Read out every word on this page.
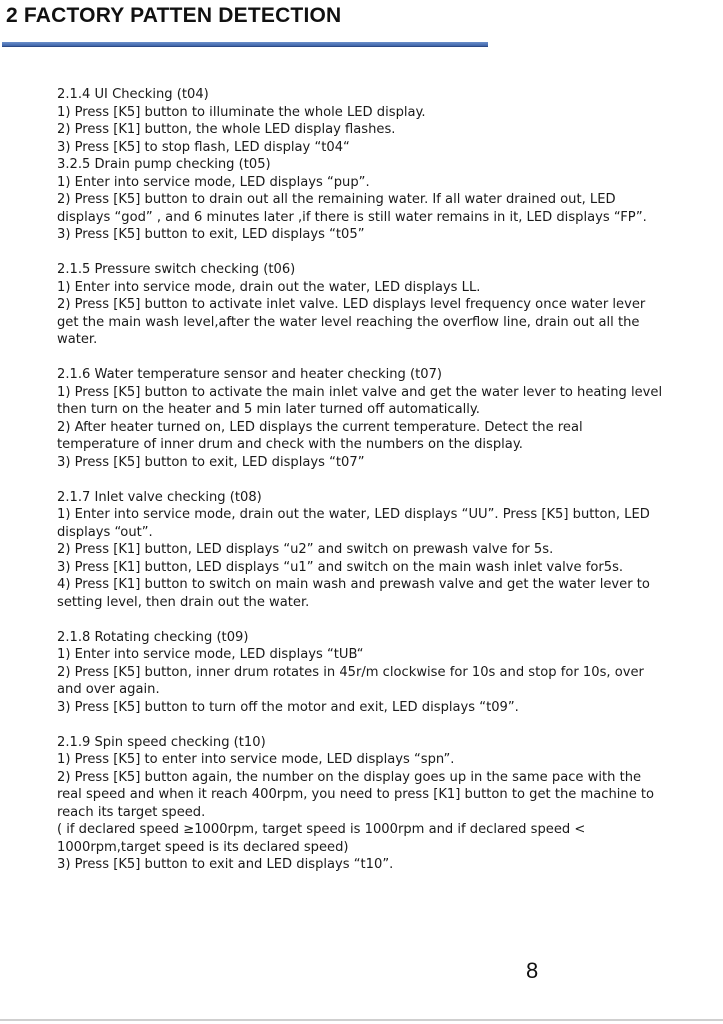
2 FACTORY PATTEN DETECTION
2.1.4 UI Checking (t04)
1) Press [K5] button to illuminate the whole LED display.
2) Press [K1] button, the whole LED display flashes.
3) Press [K5] to stop flash, LED display “t04“
3.2.5 Drain pump checking (t05)
1) Enter into service mode, LED displays “pup”.
2) Press [K5] button to drain out all the remaining water. If all water drained out, LED displays “god” , and 6 minutes later ,if there is still water remains in it, LED displays “FP”.
3) Press [K5] button to exit, LED displays “t05”

2.1.5 Pressure switch checking (t06)
1) Enter into service mode, drain out the water, LED displays LL.
2) Press [K5] button to activate inlet valve. LED displays level frequency once water lever get the main wash level,after the water level reaching the overflow line, drain out all the water.

2.1.6 Water temperature sensor and heater checking (t07)
1) Press [K5] button to activate the main inlet valve and get the water lever to heating level then turn on the heater and 5 min later turned off automatically.
2) After heater turned on, LED displays the current temperature. Detect the real temperature of inner drum and check with the numbers on the display.
3) Press [K5] button to exit, LED displays “t07”

2.1.7 Inlet valve checking (t08)
1) Enter into service mode, drain out the water, LED displays “UU”. Press [K5] button, LED displays “out”.
2) Press [K1] button, LED displays “u2” and switch on prewash valve for 5s.
3) Press [K1] button, LED displays “u1” and switch on the main wash inlet valve for5s.
4) Press [K1] button to switch on main wash and prewash valve and get the water lever to setting level, then drain out the water.

2.1.8 Rotating checking (t09)
1) Enter into service mode, LED displays “tUB“
2) Press [K5] button, inner drum rotates in 45r/m clockwise for 10s and stop for 10s, over and over again.
3) Press [K5] button to turn off the motor and exit, LED displays “t09”.

2.1.9 Spin speed checking (t10)
1) Press [K5] to enter into service mode, LED displays “spn”.
2) Press [K5] button again, the number on the display goes up in the same pace with the real speed and when it reach 400rpm, you need to press [K1] button to get the machine to reach its target speed.
( if declared speed ≥1000rpm, target speed is 1000rpm and if declared speed < 1000rpm,target speed is its declared speed)
3) Press [K5] button to exit and LED displays “t10”.
8
